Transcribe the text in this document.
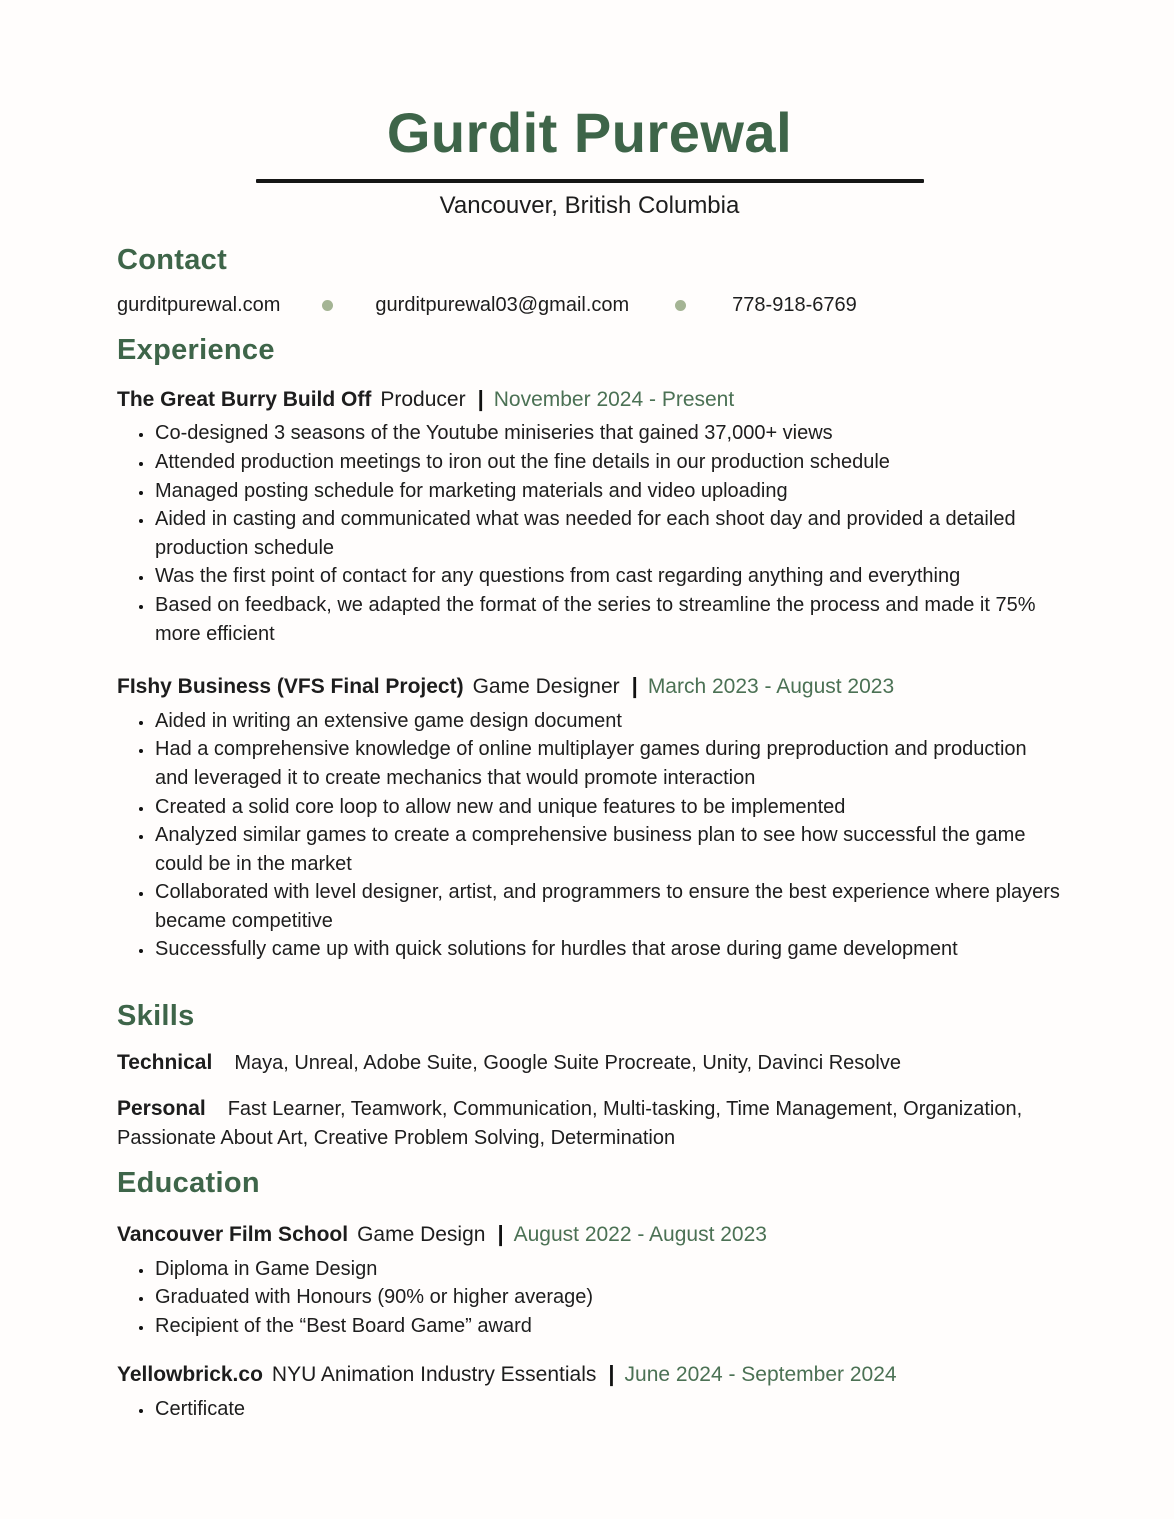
Gurdit Purewal
Vancouver, British Columbia
Contact
gurditpurewal.com	gurditpurewal03@gmail.com	778-918-6769
Experience
The Great Burry Build Off Producer | November 2024 - Present
• Co-designed 3 seasons of the Youtube miniseries that gained 37,000+ views
• Attended production meetings to iron out the fine details in our production schedule
• Managed posting schedule for marketing materials and video uploading
• Aided in casting and communicated what was needed for each shoot day and provided a detailed production schedule
• Was the first point of contact for any questions from cast regarding anything and everything
• Based on feedback, we adapted the format of the series to streamline the process and made it 75% more efficient
FIshy Business (VFS Final Project) Game Designer | March 2023 - August 2023
• Aided in writing an extensive game design document
• Had a comprehensive knowledge of online multiplayer games during preproduction and production and leveraged it to create mechanics that would promote interaction
• Created a solid core loop to allow new and unique features to be implemented
• Analyzed similar games to create a comprehensive business plan to see how successful the game could be in the market
• Collaborated with level designer, artist, and programmers to ensure the best experience where players became competitive
• Successfully came up with quick solutions for hurdles that arose during game development
Skills
Technical Maya, Unreal, Adobe Suite, Google Suite Procreate, Unity, Davinci Resolve
Personal Fast Learner, Teamwork, Communication, Multi-tasking, Time Management, Organization, Passionate About Art, Creative Problem Solving, Determination
Education
Vancouver Film School Game Design | August 2022 - August 2023
• Diploma in Game Design
• Graduated with Honours (90% or higher average)
• Recipient of the “Best Board Game” award
Yellowbrick.co NYU Animation Industry Essentials | June 2024 - September 2024
• Certificate
